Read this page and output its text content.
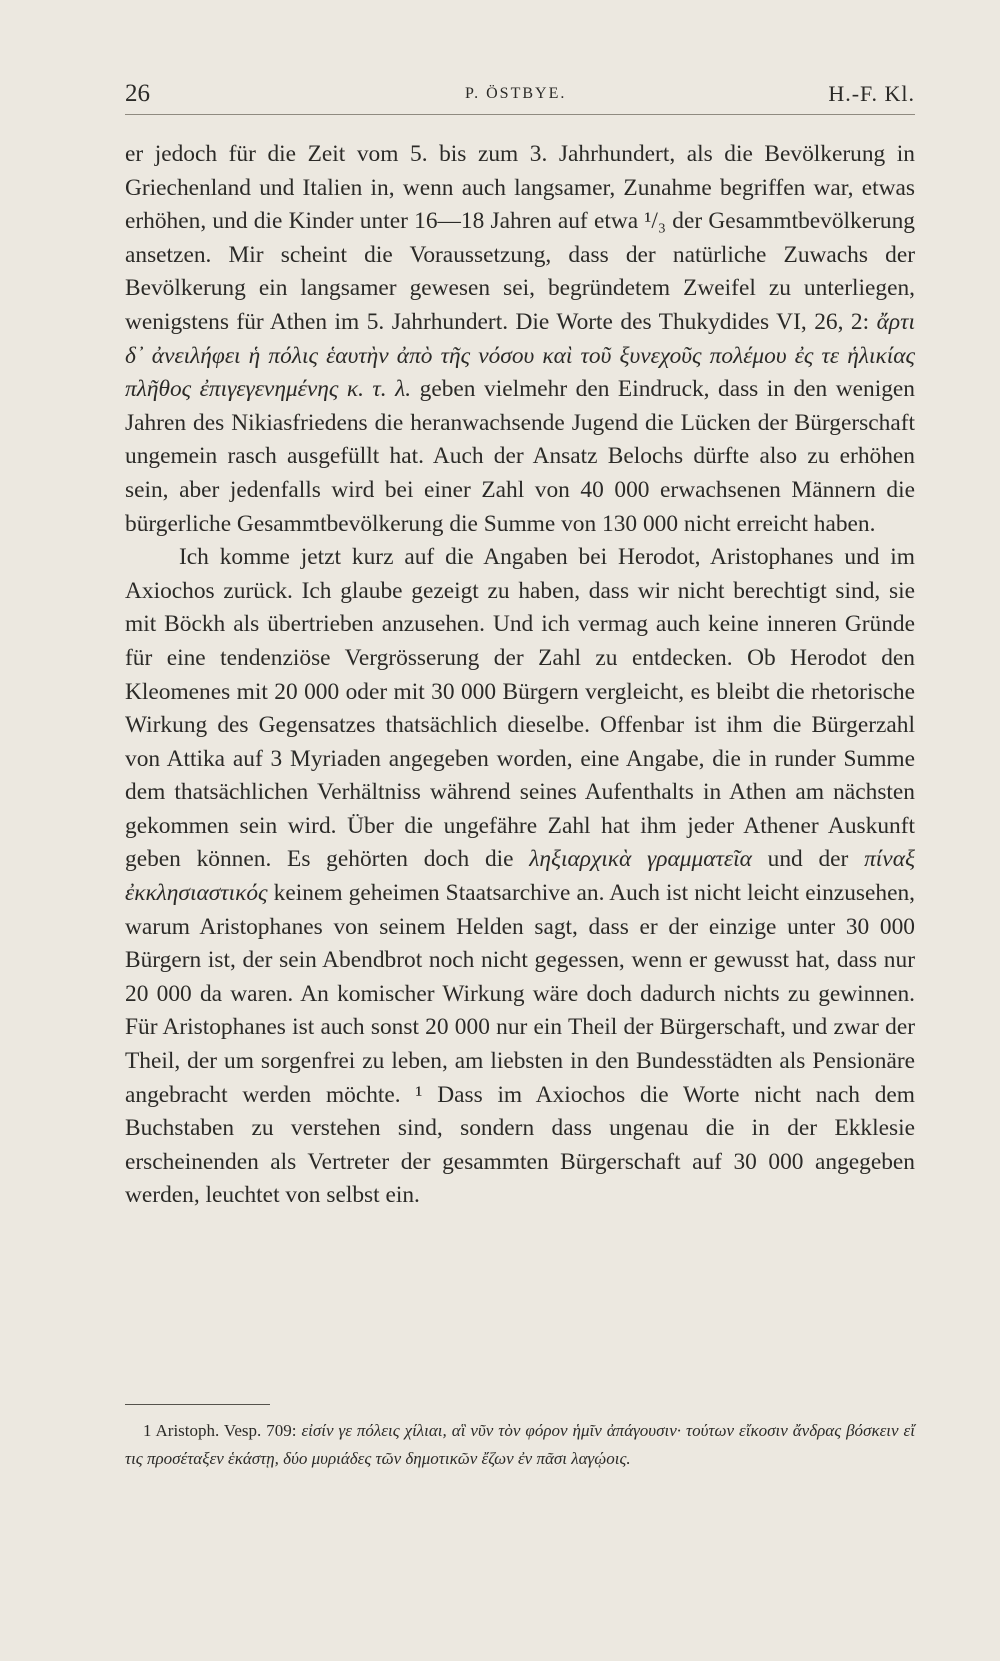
26	P. ÖSTBYE.	H.-F. Kl.

er jedoch für die Zeit vom 5. bis zum 3. Jahrhundert, als die Bevölkerung in Griechenland und Italien in, wenn auch langsamer, Zunahme begriffen war, etwas erhöhen, und die Kinder unter 16—18 Jahren auf etwa ¹/₃ der Gesammtbevölkerung ansetzen. Mir scheint die Voraussetzung, dass der natürliche Zuwachs der Bevölkerung ein langsamer gewesen sei, begründetem Zweifel zu unterliegen, wenigstens für Athen im 5. Jahrhundert. Die Worte des Thukydides VI, 26, 2: ἄρτι δ᾽ ἀνειλήφει ἡ πόλις ἑαυτὴν ἀπὸ τῆς νόσου καὶ τοῦ ξυνεχοῦς πολέμου ἐς τε ἡλικίας πλῆθος ἐπιγεγενημένης κ. τ. λ. geben vielmehr den Eindruck, dass in den wenigen Jahren des Nikiasfriedens die heranwachsende Jugend die Lücken der Bürgerschaft ungemein rasch ausgefüllt hat. Auch der Ansatz Belochs dürfte also zu erhöhen sein, aber jedenfalls wird bei einer Zahl von 40 000 erwachsenen Männern die bürgerliche Gesammtbevölkerung die Summe von 130 000 nicht erreicht haben.

Ich komme jetzt kurz auf die Angaben bei Herodot, Aristophanes und im Axiochos zurück. Ich glaube gezeigt zu haben, dass wir nicht berechtigt sind, sie mit Böckh als übertrieben anzusehen. Und ich vermag auch keine inneren Gründe für eine tendenziöse Vergrösserung der Zahl zu entdecken. Ob Herodot den Kleomenes mit 20 000 oder mit 30 000 Bürgern vergleicht, es bleibt die rhetorische Wirkung des Gegensatzes thatsächlich dieselbe. Offenbar ist ihm die Bürgerzahl von Attika auf 3 Myriaden angegeben worden, eine Angabe, die in runder Summe dem thatsächlichen Verhältniss während seines Aufenthalts in Athen am nächsten gekommen sein wird. Über die ungefähre Zahl hat ihm jeder Athener Auskunft geben können. Es gehörten doch die ληξιαρχικὰ γραμματεῖα und der πίναξ ἐκκλησιαστικός keinem geheimen Staatsarchive an. Auch ist nicht leicht einzusehen, warum Aristophanes von seinem Helden sagt, dass er der einzige unter 30 000 Bürgern ist, der sein Abendbrot noch nicht gegessen, wenn er gewusst hat, dass nur 20 000 da waren. An komischer Wirkung wäre doch dadurch nichts zu gewinnen. Für Aristophanes ist auch sonst 20 000 nur ein Theil der Bürgerschaft, und zwar der Theil, der um sorgenfrei zu leben, am liebsten in den Bundesstädten als Pensionäre angebracht werden möchte. ¹ Dass im Axiochos die Worte nicht nach dem Buchstaben zu verstehen sind, sondern dass ungenau die in der Ekklesie erscheinenden als Vertreter der gesammten Bürgerschaft auf 30 000 angegeben werden, leuchtet von selbst ein.

1 Aristoph. Vesp. 709: εἰσίν γε πόλεις χίλιαι, αἳ νῦν τὸν φόρον ἡμῖν ἀπάγουσιν· τούτων εἴκοσιν ἄνδρας βόσκειν εἴ τις προσέταξεν ἑκάστῃ, δύο μυριάδες τῶν δημοτικῶν ἔζων ἐν πᾶσι λαγῴοις.
